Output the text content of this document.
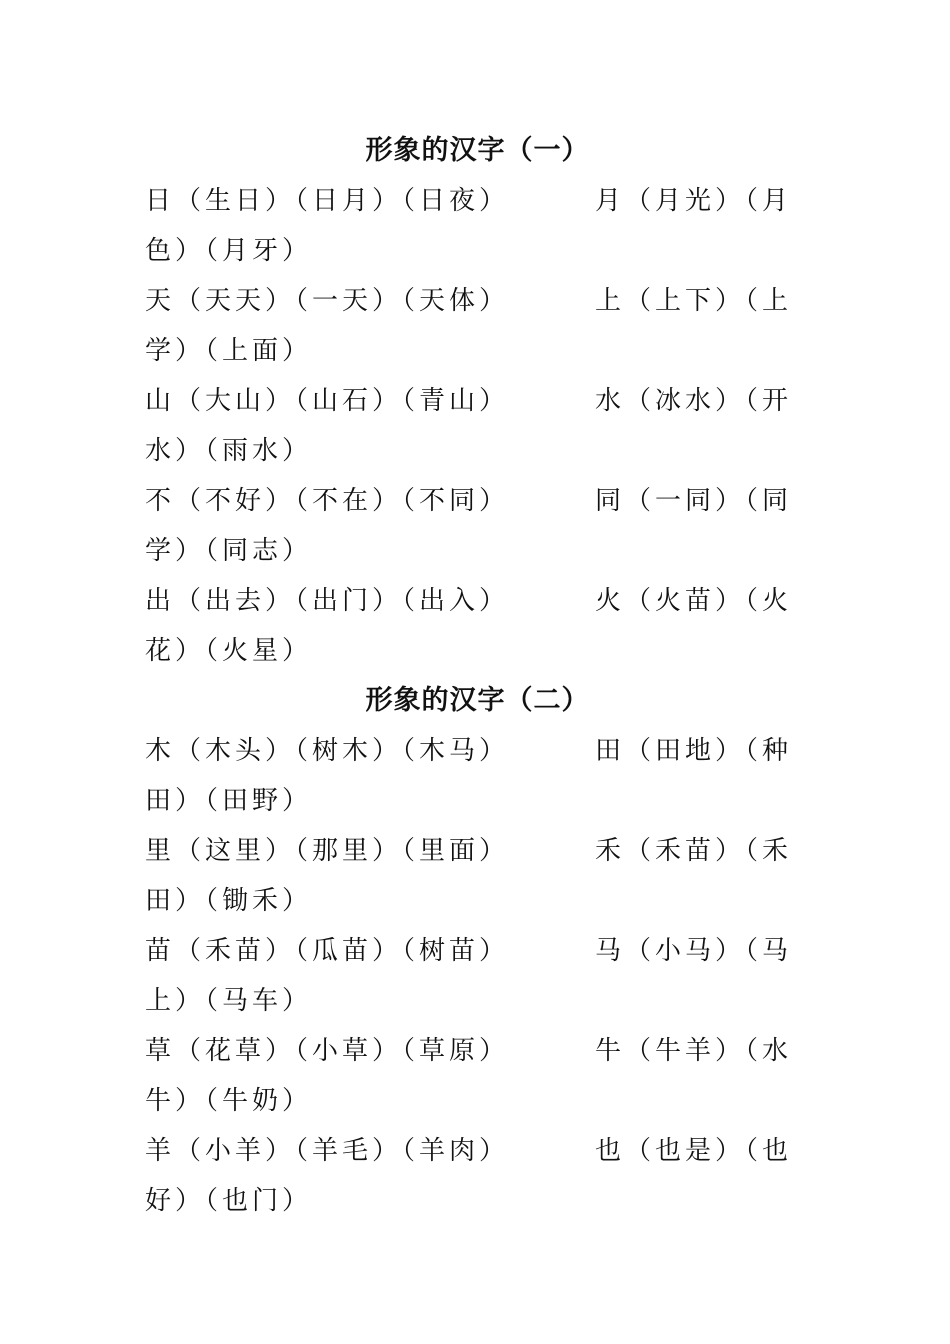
形象的汉字（一）
日（生日）（日月）（日夜）	月（月光）（月
色）（月牙）
天（天天）（一天）（天体）	上（上下）（上
学）（上面）
山（大山）（山石）（青山）	水（冰水）（开
水）（雨水）
不（不好）（不在）（不同）	同（一同）（同
学）（同志）
出（出去）（出门）（出入）	火（火苗）（火
花）（火星）
形象的汉字（二）
木（木头）（树木）（木马）	田（田地）（种
田）（田野）
里（这里）（那里）（里面）	禾（禾苗）（禾
田）（锄禾）
苗（禾苗）（瓜苗）（树苗）	马（小马）（马
上）（马车）
草（花草）（小草）（草原）	牛（牛羊）（水
牛）（牛奶）
羊（小羊）（羊毛）（羊肉）	也（也是）（也
好）（也门）
